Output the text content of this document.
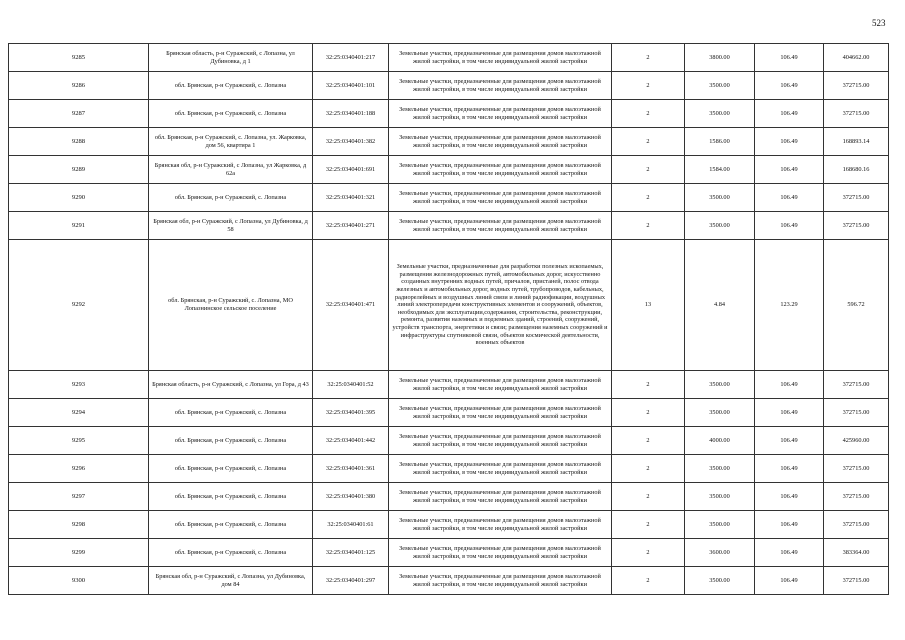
523
9285	Брянская область, р-н Суражский, с Лопазна, ул Дубиновка, д 1	32:25:0340401:217	Земельные участки, предназначенные для размещения домов малоэтажной жилой застройки, в том числе индивидуальной жилой застройки	2	3800.00	106.49	404662.00
9286	обл. Брянская, р-н Суражский, с. Лопазна	32:25:0340401:101	Земельные участки, предназначенные для размещения домов малоэтажной жилой застройки, в том числе индивидуальной жилой застройки	2	3500.00	106.49	372715.00
9287	обл. Брянская, р-н Суражский, с. Лопазна	32:25:0340401:188	Земельные участки, предназначенные для размещения домов малоэтажной жилой застройки, в том числе индивидуальной жилой застройки	2	3500.00	106.49	372715.00
9288	обл. Брянская, р-н Суражский, с. Лопазна, ул. Жарковка, дом 56, квартира 1	32:25:0340401:382	Земельные участки, предназначенные для размещения домов малоэтажной жилой застройки, в том числе индивидуальной жилой застройки	2	1586.00	106.49	168893.14
9289	Брянская обл, р-н Суражский, с Лопазна, ул Жарковка, д 62а	32:25:0340401:691	Земельные участки, предназначенные для размещения домов малоэтажной жилой застройки, в том числе индивидуальной жилой застройки	2	1584.00	106.49	168680.16
9290	обл. Брянская, р-н Суражский, с. Лопазна	32:25:0340401:321	Земельные участки, предназначенные для размещения домов малоэтажной жилой застройки, в том числе индивидуальной жилой застройки	2	3500.00	106.49	372715.00
9291	Брянская обл, р-н Суражский, с Лопазна, ул Дубиновка, д 58	32:25:0340401:271	Земельные участки, предназначенные для размещения домов малоэтажной жилой застройки, в том числе индивидуальной жилой застройки	2	3500.00	106.49	372715.00
9292	обл. Брянская, р-н Суражский, с. Лопазна, МО Лопазнинское сельское поселение	32:25:0340401:471	Земельные участки, предназначенные для разработки полезных ископаемых, размещения железнодорожных путей, автомобильных дорог, искусственно созданных внутренних водных путей, причалов, пристаней, полос отвода железных и автомобильных дорог, водных путей, трубопроводов, кабельных, радиорелейных и воздушных линий связи и линий радиофикации, воздушных линий электропередачи конструктивных элементов и сооружений, объектов, необходимых для эксплуатации,содержания, строительства, реконструкции, ремонта, развития наземных и подземных зданий, строений, сооружений, устройств транспорта, энергетики и связи; размещения наземных сооружений и инфраструктуры спутниковой связи, объектов космической деятельности, военных объектов	13	4.84	123.29	596.72
9293	Брянская область, р-н Суражский, с Лопазна, ул Гора, д 43	32:25:0340401:52	Земельные участки, предназначенные для размещения домов малоэтажной жилой застройки, в том числе индивидуальной жилой застройки	2	3500.00	106.49	372715.00
9294	обл. Брянская, р-н Суражский, с. Лопазна	32:25:0340401:395	Земельные участки, предназначенные для размещения домов малоэтажной жилой застройки, в том числе индивидуальной жилой застройки	2	3500.00	106.49	372715.00
9295	обл. Брянская, р-н Суражский, с. Лопазна	32:25:0340401:442	Земельные участки, предназначенные для размещения домов малоэтажной жилой застройки, в том числе индивидуальной жилой застройки	2	4000.00	106.49	425960.00
9296	обл. Брянская, р-н Суражский, с. Лопазна	32:25:0340401:361	Земельные участки, предназначенные для размещения домов малоэтажной жилой застройки, в том числе индивидуальной жилой застройки	2	3500.00	106.49	372715.00
9297	обл. Брянская, р-н Суражский, с. Лопазна	32:25:0340401:380	Земельные участки, предназначенные для размещения домов малоэтажной жилой застройки, в том числе индивидуальной жилой застройки	2	3500.00	106.49	372715.00
9298	обл. Брянская, р-н Суражский, с. Лопазна	32:25:0340401:61	Земельные участки, предназначенные для размещения домов малоэтажной жилой застройки, в том числе индивидуальной жилой застройки	2	3500.00	106.49	372715.00
9299	обл. Брянская, р-н Суражский, с. Лопазна	32:25:0340401:125	Земельные участки, предназначенные для размещения домов малоэтажной жилой застройки, в том числе индивидуальной жилой застройки	2	3600.00	106.49	383364.00
9300	Брянская обл, р-н Суражский, с Лопазна, ул Дубиновка, дом 84	32:25:0340401:297	Земельные участки, предназначенные для размещения домов малоэтажной жилой застройки, в том числе индивидуальной жилой застройки	2	3500.00	106.49	372715.00
